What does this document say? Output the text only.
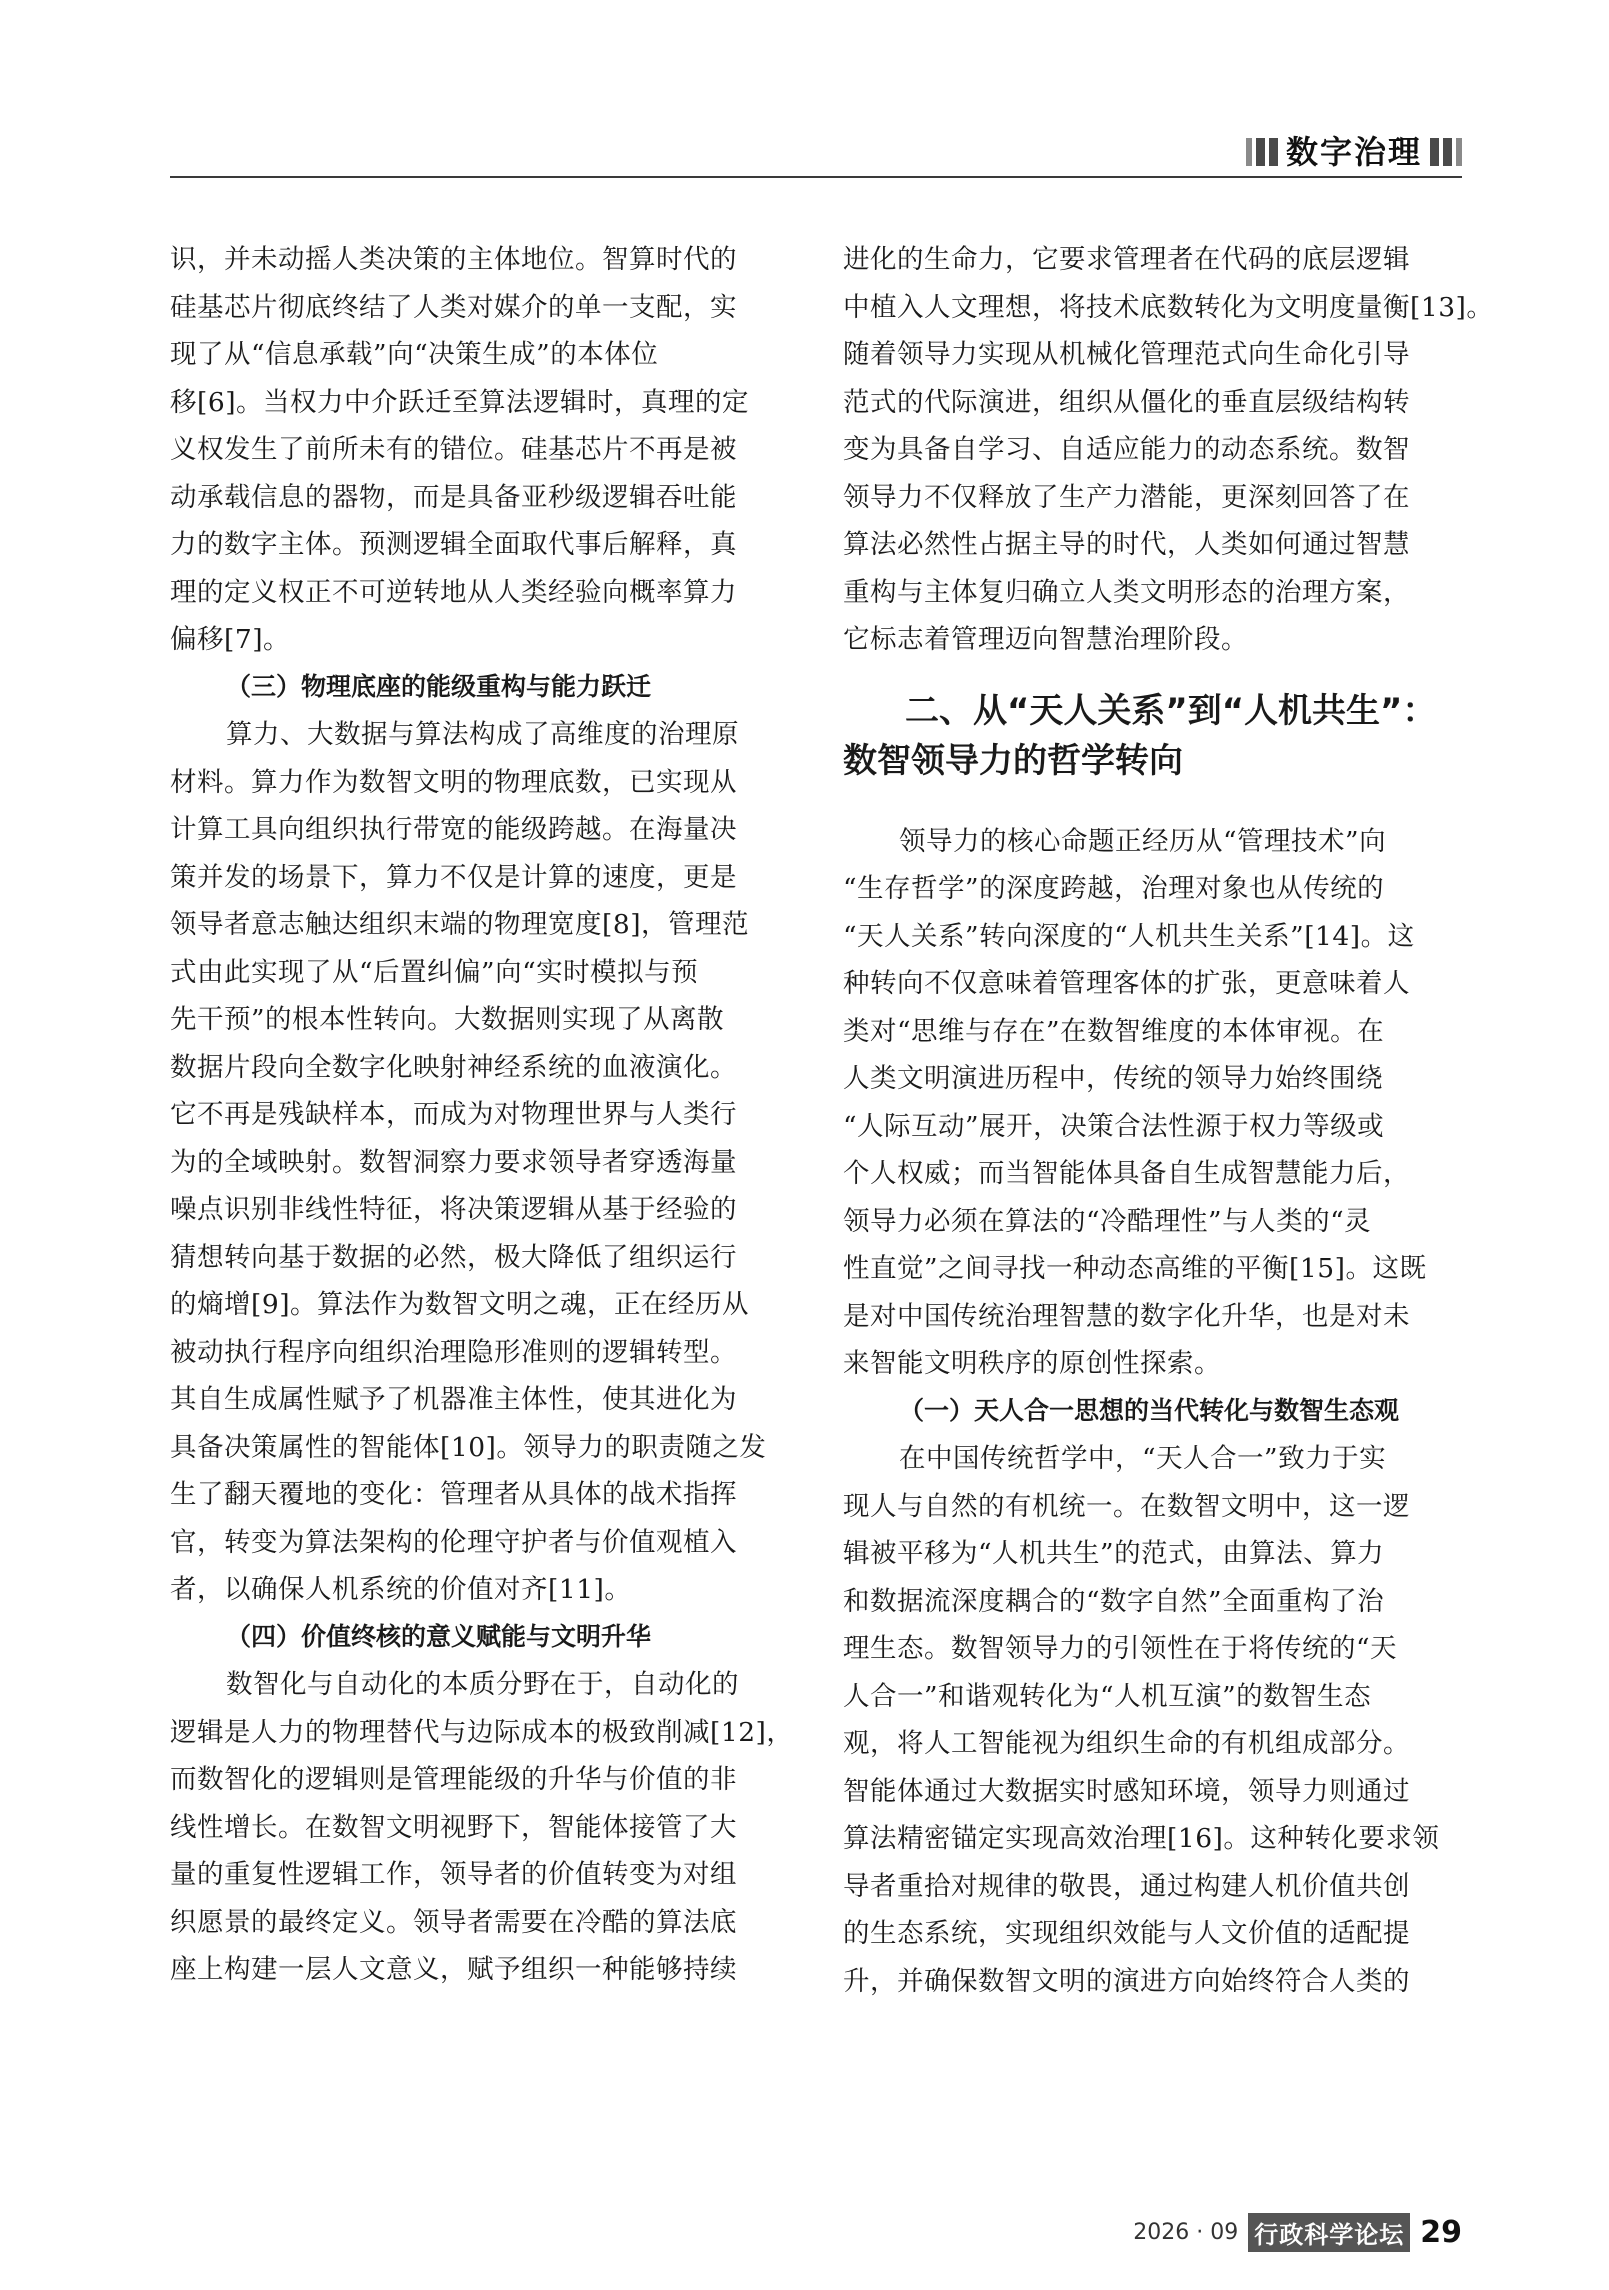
数字治理
识，并未动摇人类决策的主体地位。智算时代的
硅基芯片彻底终结了人类对媒介的单一支配，实
现了从“信息承载”向“决策生成”的本体位
移[6]。当权力中介跃迁至算法逻辑时，真理的定
义权发生了前所未有的错位。硅基芯片不再是被
动承载信息的器物，而是具备亚秒级逻辑吞吐能
力的数字主体。预测逻辑全面取代事后解释，真
理的定义权正不可逆转地从人类经验向概率算力
偏移[7]。
（三）物理底座的能级重构与能力跃迁
算力、大数据与算法构成了高维度的治理原
材料。算力作为数智文明的物理底数，已实现从
计算工具向组织执行带宽的能级跨越。在海量决
策并发的场景下，算力不仅是计算的速度，更是
领导者意志触达组织末端的物理宽度[8]，管理范
式由此实现了从“后置纠偏”向“实时模拟与预
先干预”的根本性转向。大数据则实现了从离散
数据片段向全数字化映射神经系统的血液演化。
它不再是残缺样本，而成为对物理世界与人类行
为的全域映射。数智洞察力要求领导者穿透海量
噪点识别非线性特征，将决策逻辑从基于经验的
猜想转向基于数据的必然，极大降低了组织运行
的熵增[9]。算法作为数智文明之魂，正在经历从
被动执行程序向组织治理隐形准则的逻辑转型。
其自生成属性赋予了机器准主体性，使其进化为
具备决策属性的智能体[10]。领导力的职责随之发
生了翻天覆地的变化：管理者从具体的战术指挥
官，转变为算法架构的伦理守护者与价值观植入
者，以确保人机系统的价值对齐[11]。
（四）价值终核的意义赋能与文明升华
数智化与自动化的本质分野在于，自动化的
逻辑是人力的物理替代与边际成本的极致削减[12]，
而数智化的逻辑则是管理能级的升华与价值的非
线性增长。在数智文明视野下，智能体接管了大
量的重复性逻辑工作，领导者的价值转变为对组
织愿景的最终定义。领导者需要在冷酷的算法底
座上构建一层人文意义，赋予组织一种能够持续
进化的生命力，它要求管理者在代码的底层逻辑
中植入人文理想，将技术底数转化为文明度量衡[13]。
随着领导力实现从机械化管理范式向生命化引导
范式的代际演进，组织从僵化的垂直层级结构转
变为具备自学习、自适应能力的动态系统。数智
领导力不仅释放了生产力潜能，更深刻回答了在
算法必然性占据主导的时代，人类如何通过智慧
重构与主体复归确立人类文明形态的治理方案，
它标志着管理迈向智慧治理阶段。
二、从“天人关系”到“人机共生”：
数智领导力的哲学转向
领导力的核心命题正经历从“管理技术”向
“生存哲学”的深度跨越，治理对象也从传统的
“天人关系”转向深度的“人机共生关系”[14]。这
种转向不仅意味着管理客体的扩张，更意味着人
类对“思维与存在”在数智维度的本体审视。在
人类文明演进历程中，传统的领导力始终围绕
“人际互动”展开，决策合法性源于权力等级或
个人权威；而当智能体具备自生成智慧能力后，
领导力必须在算法的“冷酷理性”与人类的“灵
性直觉”之间寻找一种动态高维的平衡[15]。这既
是对中国传统治理智慧的数字化升华，也是对未
来智能文明秩序的原创性探索。
（一）天人合一思想的当代转化与数智生态观
在中国传统哲学中，“天人合一”致力于实
现人与自然的有机统一。在数智文明中，这一逻
辑被平移为“人机共生”的范式，由算法、算力
和数据流深度耦合的“数字自然”全面重构了治
理生态。数智领导力的引领性在于将传统的“天
人合一”和谐观转化为“人机互演”的数智生态
观，将人工智能视为组织生命的有机组成部分。
智能体通过大数据实时感知环境，领导力则通过
算法精密锚定实现高效治理[16]。这种转化要求领
导者重拾对规律的敬畏，通过构建人机价值共创
的生态系统，实现组织效能与人文价值的适配提
升，并确保数智文明的演进方向始终符合人类的
2026 · 09 行政科学论坛 29
